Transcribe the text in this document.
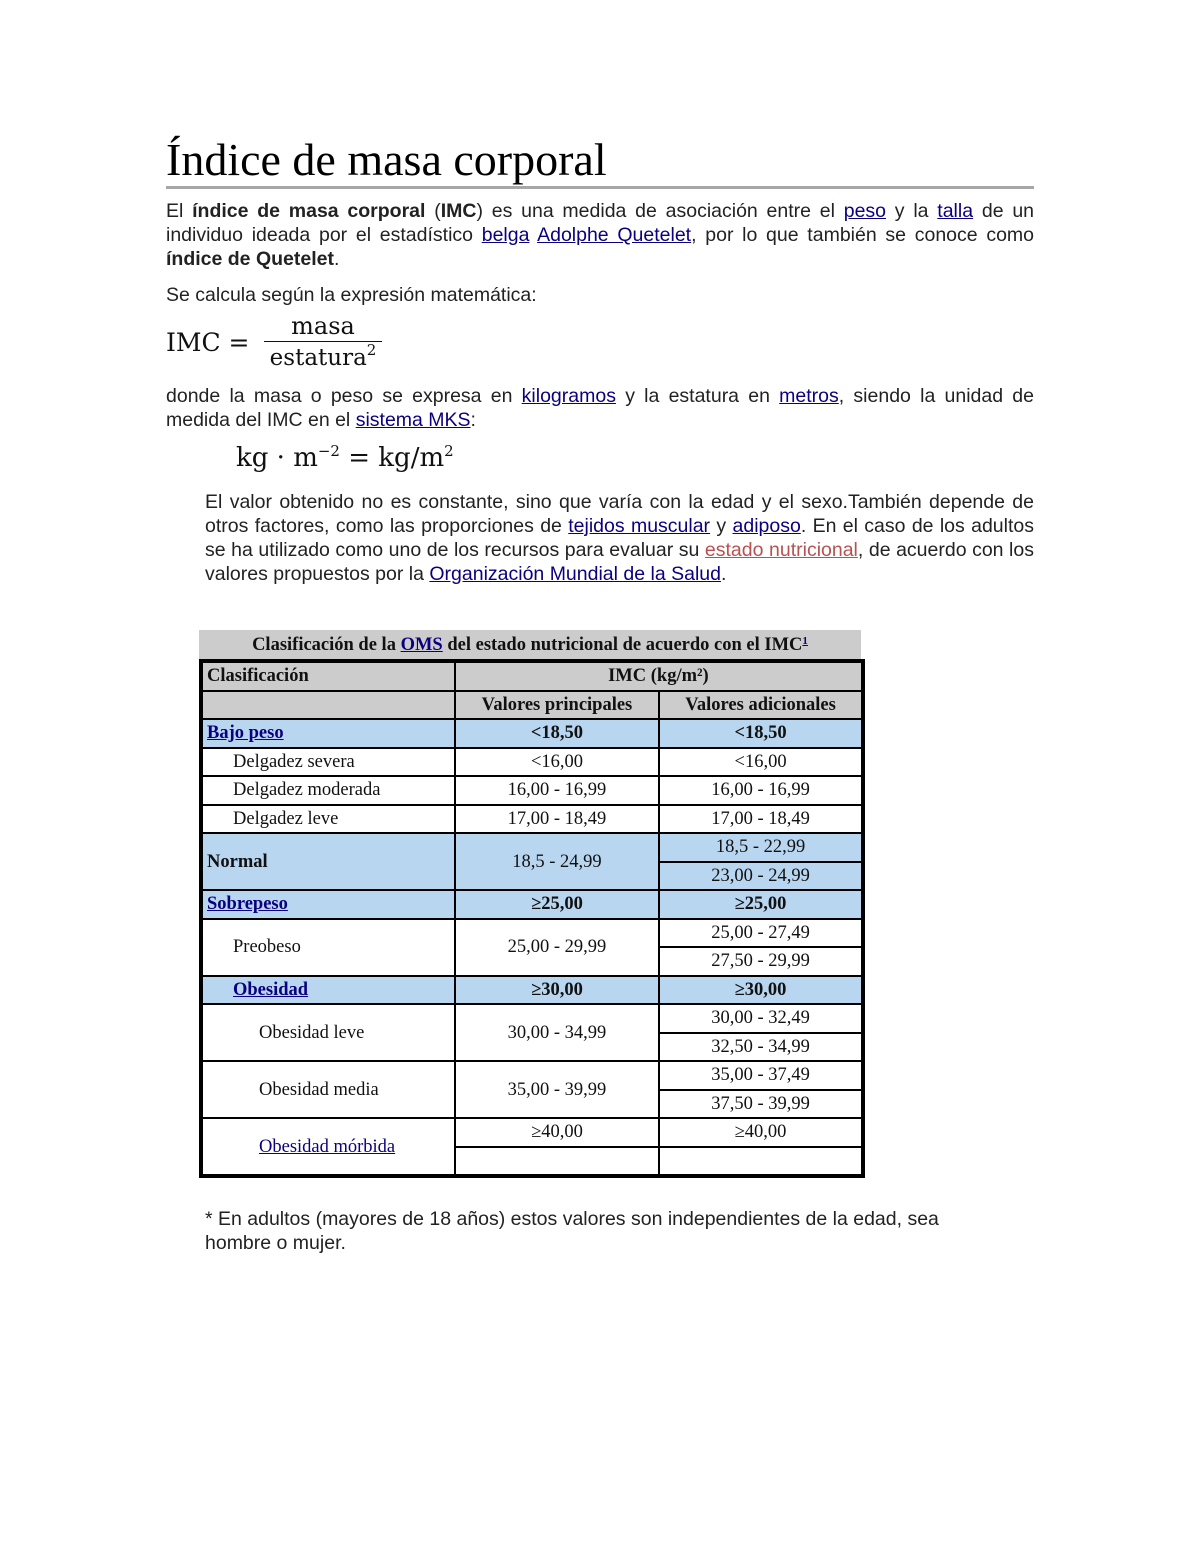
Índice de masa corporal

El índice de masa corporal (IMC) es una medida de asociación entre el peso y la talla de un individuo ideada por el estadístico belga Adolphe Quetelet, por lo que también se conoce como índice de Quetelet.

Se calcula según la expresión matemática:

IMC =
masa
estatura$^2$

donde la masa o peso se expresa en kilogramos y la estatura en metros, siendo la unidad de medida del IMC en el sistema MKS:

kg · $m^{-2} = kg/m^2$

El valor obtenido no es constante, sino que varía con la edad y el sexo.También depende de otros factores, como las proporciones de tejidos muscular y adiposo. En el caso de los adultos se ha utilizado como uno de los recursos para evaluar su estado nutricional, de acuerdo con los valores propuestos por la Organización Mundial de la Salud.

Clasificación de la OMS del estado nutricional de acuerdo con el IMC$^1$
Clasificación	IMC (kg/m²)	
	Valores principales	Valores adicionales
Bajo peso	<18,50	<18,50
Delgadez severa	<16,00	<16,00
Delgadez moderada	16,00 - 16,99	16,00 - 16,99
Delgadez leve	17,00 - 18,49	17,00 - 18,49
Normal	18,5 - 24,99	18,5 - 22,99
		23,00 - 24,99
Sobrepeso	≥25,00	≥25,00
Preobeso	25,00 - 29,99	25,00 - 27,49
		27,50 - 29,99
Obesidad	≥30,00	≥30,00
Obesidad leve	30,00 - 34,99	30,00 - 32,49
		32,50 - 34,99
Obesidad media	35,00 - 39,99	35,00 - 37,49
		37,50 - 39,99
Obesidad mórbida	≥40,00	≥40,00

* En adultos (mayores de 18 años) estos valores son independientes de la edad, sea hombre o mujer.
